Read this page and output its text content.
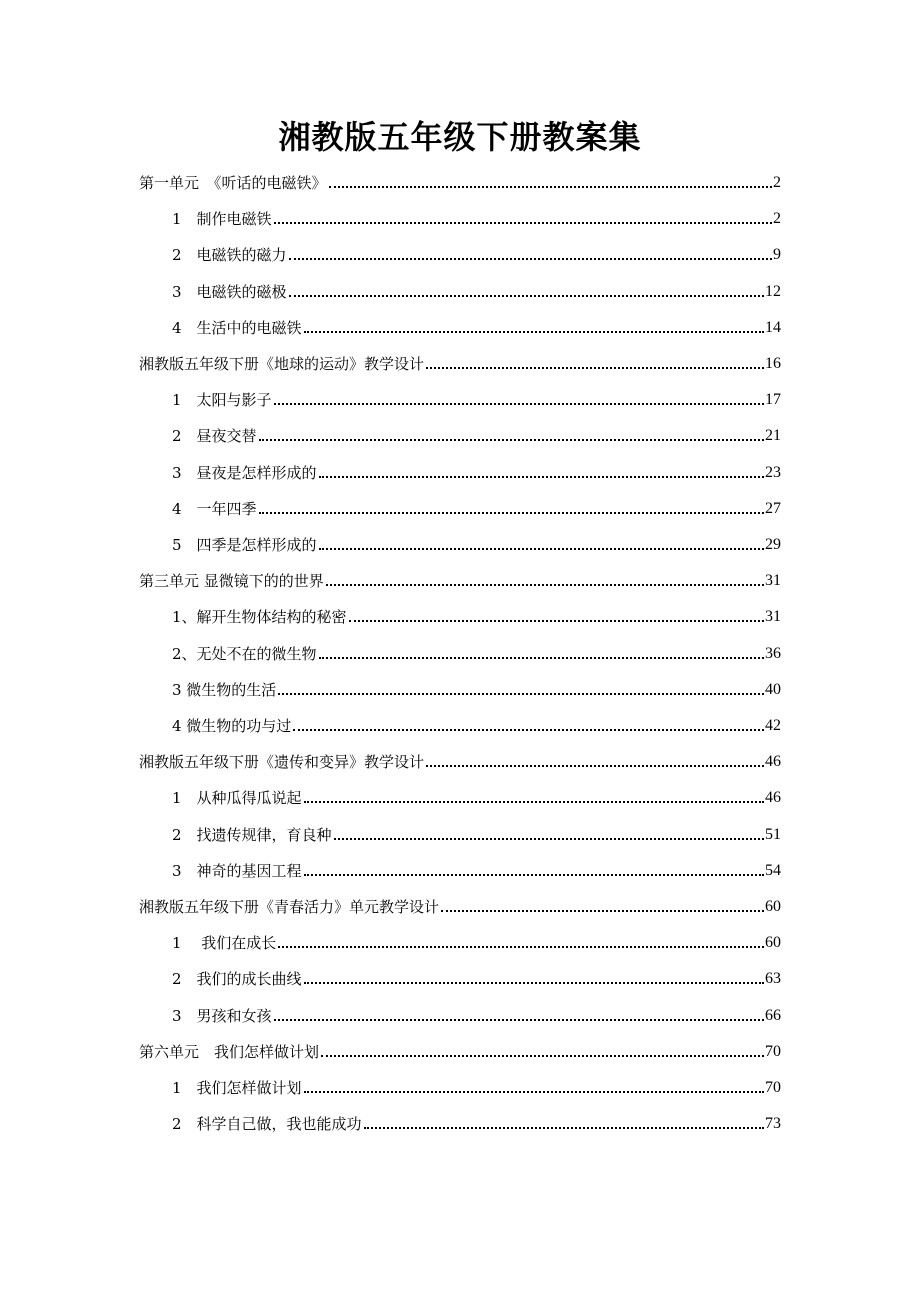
湘教版五年级下册教案集
第一单元　《听话的电磁铁》	2
1　制作电磁铁	2
2　电磁铁的磁力	9
3　电磁铁的磁极	12
4　生活中的电磁铁	14
湘教版五年级下册《地球的运动》教学设计	16
1　太阳与影子	17
2　昼夜交替	21
3　昼夜是怎样形成的	23
4　一年四季	27
5　四季是怎样形成的	29
第三单元 显微镜下的的世界	31
1、解开生物体结构的秘密	31
2、无处不在的微生物	36
3 微生物的生活	40
4 微生物的功与过	42
湘教版五年级下册《遗传和变异》教学设计	46
1　从种瓜得瓜说起	46
2　找遗传规律，育良种	51
3　神奇的基因工程	54
湘教版五年级下册《青春活力》单元教学设计	60
1　 我们在成长	60
2　我们的成长曲线	63
3　男孩和女孩	66
第六单元　我们怎样做计划	70
1　我们怎样做计划	70
2　科学自己做，我也能成功	73
